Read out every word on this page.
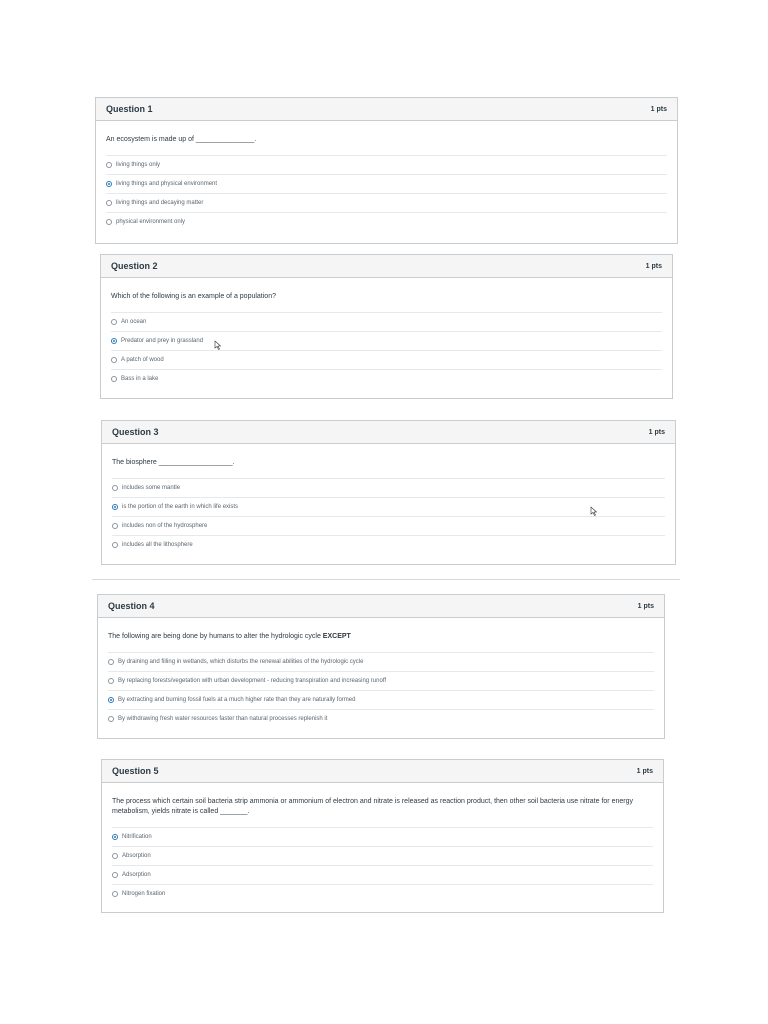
Question 1	1 pts
An ecosystem is made up of _______________.
living things only
living things and physical environment
living things and decaying matter
physical environment only
Question 2	1 pts
Which of the following is an example of a population?
An ocean
Predator and prey in grassland
A patch of wood
Bass in a lake
Question 3	1 pts
The biosphere ___________________.
includes some mantle
is the portion of the earth in which life exists
includes non of the hydrosphere
includes all the lithosphere
Question 4	1 pts
The following are being done by humans to alter the hydrologic cycle EXCEPT
By draining and filling in wetlands, which disturbs the renewal abilities of the hydrologic cycle
By replacing forests/vegetation with urban development - reducing transpiration and increasing runoff
By extracting and burning fossil fuels at a much higher rate than they are naturally formed
By withdrawing fresh water resources faster than natural processes replenish it
Question 5	1 pts
The process which certain soil bacteria strip ammonia or ammonium of electron and nitrate is released as reaction product, then other soil bacteria use nitrate for energy metabolism, yields nitrate is called _______.
Nitrification
Absorption
Adsorption
Nitrogen fixation
